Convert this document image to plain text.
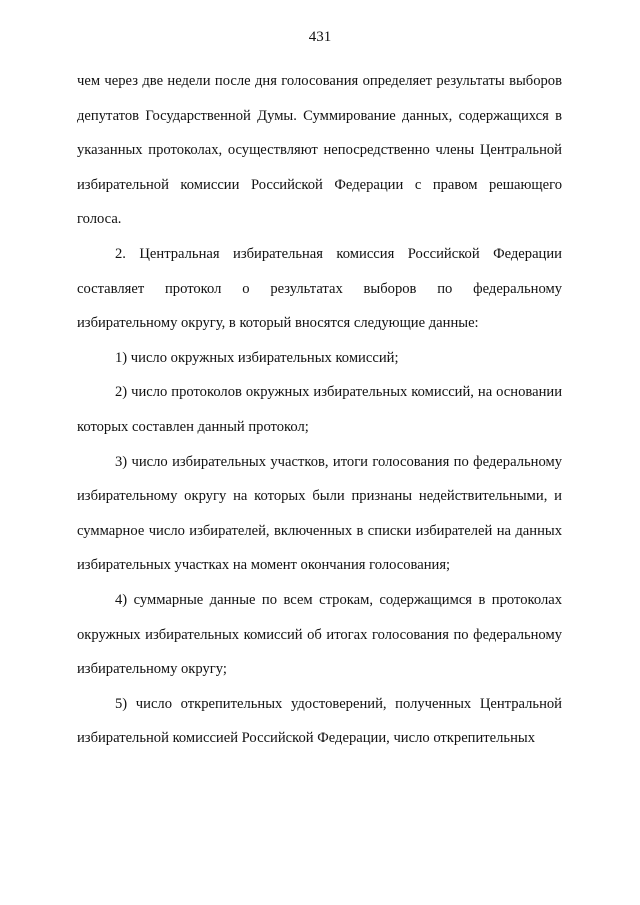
431

чем через две недели после дня голосования определяет результаты выборов депутатов Государственной Думы. Суммирование данных, содержащихся в указанных протоколах, осуществляют непосредственно члены Центральной избирательной комиссии Российской Федерации с правом решающего голоса.

2. Центральная избирательная комиссия Российской Федерации составляет протокол о результатах выборов по федеральному избирательному округу, в который вносятся следующие данные:

1) число окружных избирательных комиссий;

2) число протоколов окружных избирательных комиссий, на основании которых составлен данный протокол;

3) число избирательных участков, итоги голосования по федеральному избирательному округу на которых были признаны недействительными, и суммарное число избирателей, включенных в списки избирателей на данных избирательных участках на момент окончания голосования;

4) суммарные данные по всем строкам, содержащимся в протоколах окружных избирательных комиссий об итогах голосования по федеральному избирательному округу;

5) число открепительных удостоверений, полученных Центральной избирательной комиссией Российской Федерации, число открепительных
